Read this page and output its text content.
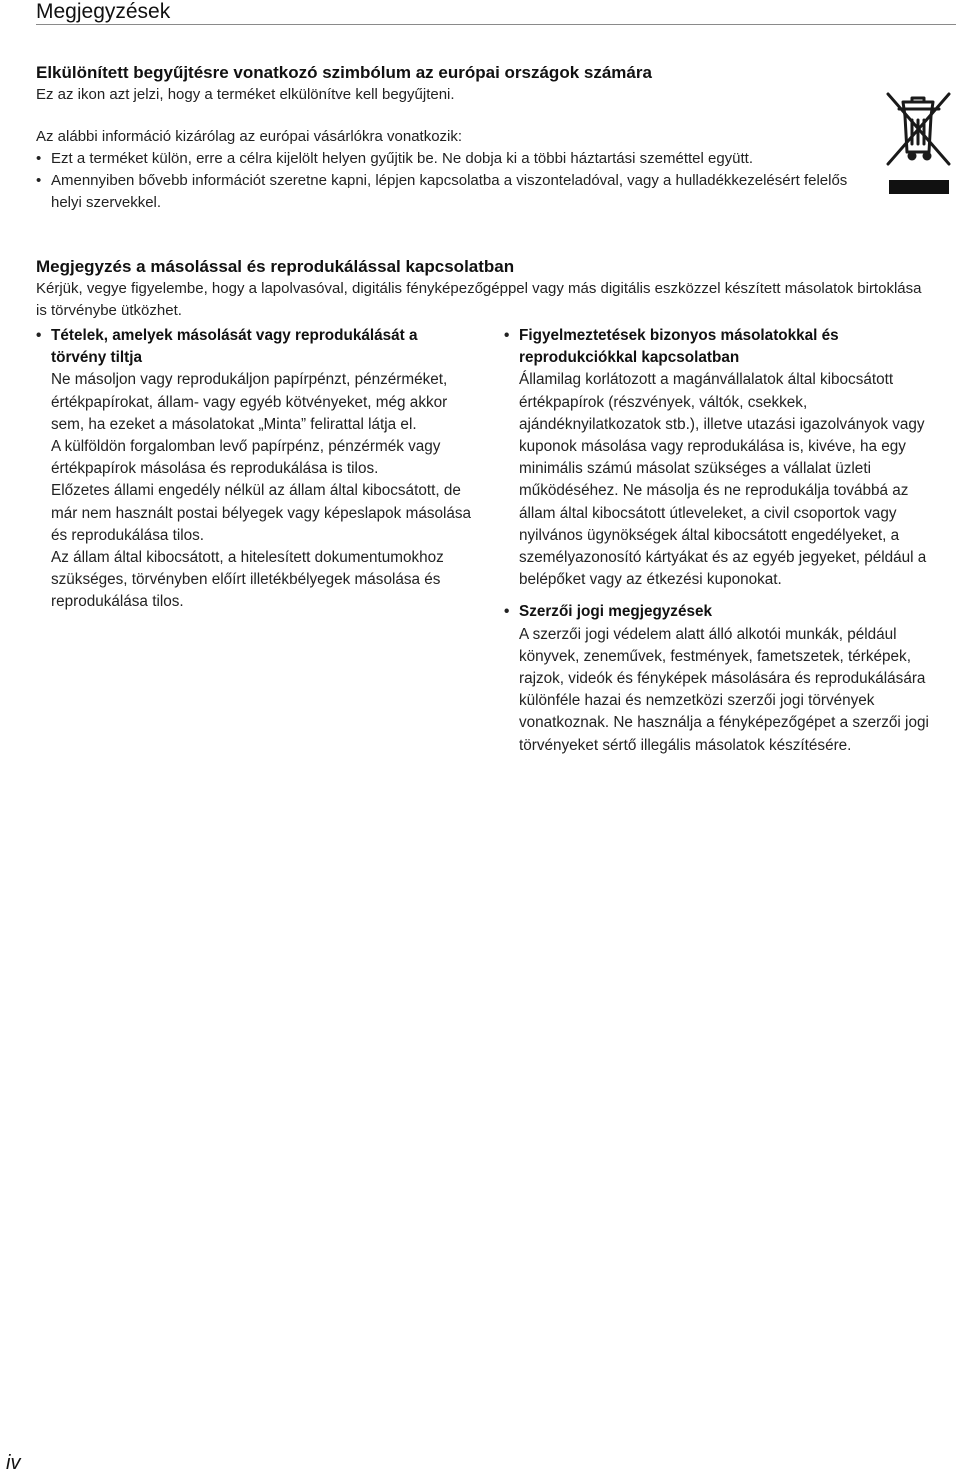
Megjegyzések
Elkülönített begyűjtésre vonatkozó szimbólum az európai országok számára
Ez az ikon azt jelzi, hogy a terméket elkülönítve kell begyűjteni.
Az alábbi információ kizárólag az európai vásárlókra vonatkozik:
• Ezt a terméket külön, erre a célra kijelölt helyen gyűjtik be. Ne dobja ki a többi háztartási szeméttel együtt.
• Amennyiben bővebb információt szeretne kapni, lépjen kapcsolatba a viszonteladóval, vagy a hulladékkezelésért felelős helyi szervekkel.
Megjegyzés a másolással és reprodukálással kapcsolatban
Kérjük, vegye figyelembe, hogy a lapolvasóval, digitális fényképezőgéppel vagy más digitális eszközzel készített másolatok birtoklása is törvénybe ütközhet.
• Tételek, amelyek másolását vagy reprodukálását a törvény tiltja
Ne másoljon vagy reprodukáljon papírpénzt, pénzérméket, értékpapírokat, állam- vagy egyéb kötvényeket, még akkor sem, ha ezeket a másolatokat „Minta” felirattal látja el.
A külföldön forgalomban levő papírpénz, pénzérmék vagy értékpapírok másolása és reprodukálása is tilos.
Előzetes állami engedély nélkül az állam által kibocsátott, de már nem használt postai bélyegek vagy képeslapok másolása és reprodukálása tilos.
Az állam által kibocsátott, a hitelesített dokumentumokhoz szükséges, törvényben előírt illetékbélyegek másolása és reprodukálása tilos.
• Figyelmeztetések bizonyos másolatokkal és reprodukciókkal kapcsolatban
Államilag korlátozott a magánvállalatok által kibocsátott értékpapírok (részvények, váltók, csekkek, ajándéknyilatkozatok stb.), illetve utazási igazolványok vagy kuponok másolása vagy reprodukálása is, kivéve, ha egy minimális számú másolat szükséges a vállalat üzleti működéséhez. Ne másolja és ne reprodukálja továbbá az állam által kibocsátott útleveleket, a civil csoportok vagy nyilvános ügynökségek által kibocsátott engedélyeket, a személyazonosító kártyákat és az egyéb jegyeket, például a belépőket vagy az étkezési kuponokat.
• Szerzői jogi megjegyzések
A szerzői jogi védelem alatt álló alkotói munkák, például könyvek, zeneművek, festmények, fametszetek, térképek, rajzok, videók és fényképek másolására és reprodukálására különféle hazai és nemzetközi szerzői jogi törvények vonatkoznak. Ne használja a fényképezőgépet a szerzői jogi törvényeket sértő illegális másolatok készítésére.
iv
